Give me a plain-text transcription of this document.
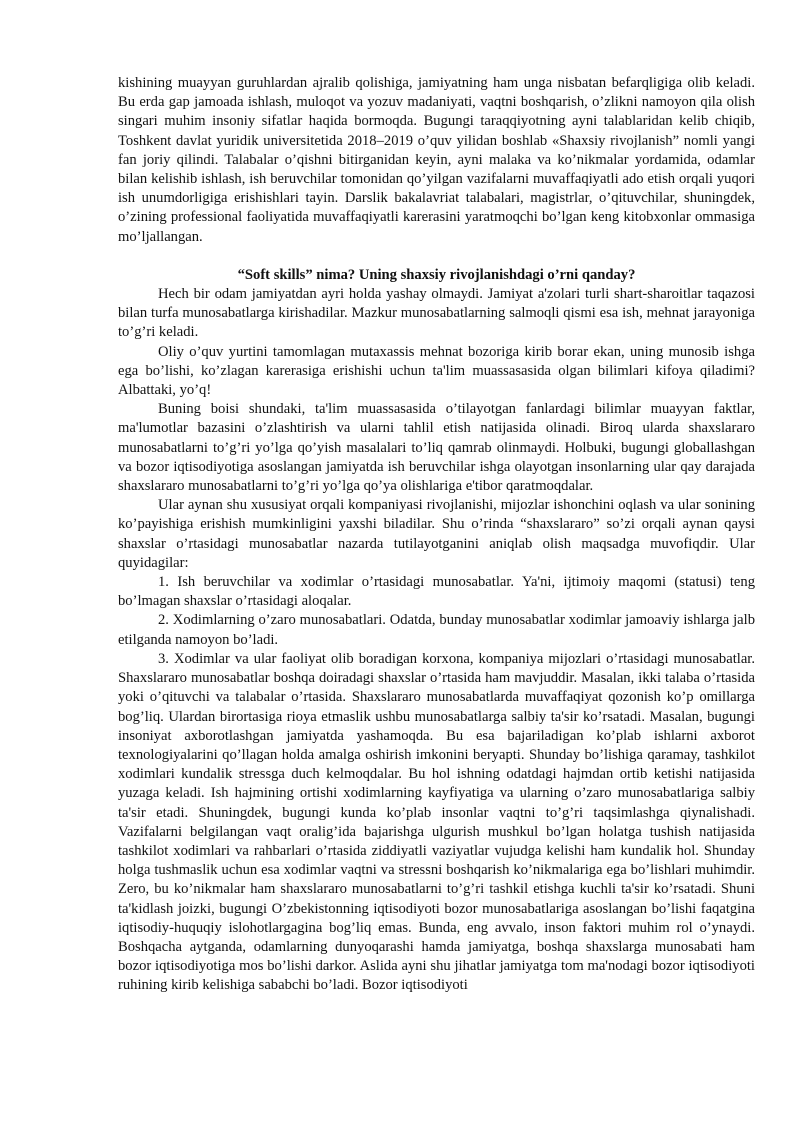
kishining muayyan guruhlardan ajralib qolishiga, jamiyatning ham unga nisbatan befarqligiga olib keladi. Bu erda gap jamoada ishlash, muloqot va yozuv madaniyati, vaqtni boshqarish, o’zlikni namoyon qila olish singari muhim insoniy sifatlar haqida bormoqda. Bugungi taraqqiyotning ayni talablaridan kelib chiqib, Toshkent davlat yuridik universitetida 2018–2019 o’quv yilidan boshlab «Shaxsiy rivojlanish” nomli yangi fan joriy qilindi. Talabalar o’qishni bitirganidan keyin, ayni malaka va ko’nikmalar yordamida, odamlar bilan kelishib ishlash, ish beruvchilar tomonidan qo’yilgan vazifalarni muvaffaqiyatli ado etish orqali yuqori ish unumdorligiga erishishlari tayin. Darslik bakalavriat talabalari, magistrlar, o’qituvchilar, shuningdek, o’zining professional faoliyatida muvaffaqiyatli karerasini yaratmoqchi bo’lgan keng kitobxonlar ommasiga mo’ljallangan.

“Soft skills” nima? Uning shaxsiy rivojlanishdagi o’rni qanday?

Hech bir odam jamiyatdan ayri holda yashay olmaydi. Jamiyat a'zolari turli shart-sharoitlar taqazosi bilan turfa munosabatlarga kirishadilar. Mazkur munosabatlarning salmoqli qismi esa ish, mehnat jarayoniga to’g’ri keladi.

Oliy o’quv yurtini tamomlagan mutaxassis mehnat bozoriga kirib borar ekan, uning munosib ishga ega bo’lishi, ko’zlagan karerasiga erishishi uchun ta'lim muassasasida olgan bilimlari kifoya qiladimi? Albattaki, yo’q!

Buning boisi shundaki, ta'lim muassasasida o’tilayotgan fanlardagi bilimlar muayyan faktlar, ma'lumotlar bazasini o’zlashtirish va ularni tahlil etish natijasida olinadi. Biroq ularda shaxslararo munosabatlarni to’g’ri yo’lga qo’yish masalalari to’liq qamrab olinmaydi. Holbuki, bugungi globallashgan va bozor iqtisodiyotiga asoslangan jamiyatda ish beruvchilar ishga olayotgan insonlarning ular qay darajada shaxslararo munosabatlarni to’g’ri yo’lga qo’ya olishlariga e'tibor qaratmoqdalar.

Ular aynan shu xususiyat orqali kompaniyasi rivojlanishi, mijozlar ishonchini oqlash va ular sonining ko’payishiga erishish mumkinligini yaxshi biladilar. Shu o’rinda “shaxslararo” so’zi orqali aynan qaysi shaxslar o’rtasidagi munosabatlar nazarda tutilayotganini aniqlab olish maqsadga muvofiqdir. Ular quyidagilar:

1. Ish beruvchilar va xodimlar o’rtasidagi munosabatlar. Ya'ni, ijtimoiy maqomi (statusi) teng bo’lmagan shaxslar o’rtasidagi aloqalar.

2. Xodimlarning o’zaro munosabatlari. Odatda, bunday munosabatlar xodimlar jamoaviy ishlarga jalb etilganda namoyon bo’ladi.

3. Xodimlar va ular faoliyat olib boradigan korxona, kompaniya mijozlari o’rtasidagi munosabatlar. Shaxslararo munosabatlar boshqa doiradagi shaxslar o’rtasida ham mavjuddir. Masalan, ikki talaba o’rtasida yoki o’qituvchi va talabalar o’rtasida. Shaxslararo munosabatlarda muvaffaqiyat qozonish ko’p omillarga bog’liq. Ulardan birortasiga rioya etmaslik ushbu munosabatlarga salbiy ta'sir ko’rsatadi. Masalan, bugungi insoniyat axborotlashgan jamiyatda yashamoqda. Bu esa bajariladigan ko’plab ishlarni axborot texnologiyalarini qo’llagan holda amalga oshirish imkonini beryapti. Shunday bo’lishiga qaramay, tashkilot xodimlari kundalik stressga duch kelmoqdalar. Bu hol ishning odatdagi hajmdan ortib ketishi natijasida yuzaga keladi. Ish hajmining ortishi xodimlarning kayfiyatiga va ularning o’zaro munosabatlariga salbiy ta'sir etadi. Shuningdek, bugungi kunda ko’plab insonlar vaqtni to’g’ri taqsimlashga qiynalishadi. Vazifalarni belgilangan vaqt oralig’ida bajarishga ulgurish mushkul bo’lgan holatga tushish natijasida tashkilot xodimlari va rahbarlari o’rtasida ziddiyatli vaziyatlar vujudga kelishi ham kundalik hol. Shunday holga tushmaslik uchun esa xodimlar vaqtni va stressni boshqarish ko’nikmalariga ega bo’lishlari muhimdir. Zero, bu ko’nikmalar ham shaxslararo munosabatlarni to’g’ri tashkil etishga kuchli ta'sir ko’rsatadi. Shuni ta'kidlash joizki, bugungi O’zbekistonning iqtisodiyoti bozor munosabatlariga asoslangan bo’lishi faqatgina iqtisodiy-huquqiy islohotlargagina bog’liq emas. Bunda, eng avvalo, inson faktori muhim rol o’ynaydi. Boshqacha aytganda, odamlarning dunyoqarashi hamda jamiyatga, boshqa shaxslarga munosabati ham bozor iqtisodiyotiga mos bo’lishi darkor. Aslida ayni shu jihatlar jamiyatga tom ma'nodagi bozor iqtisodiyoti ruhining kirib kelishiga sababchi bo’ladi. Bozor iqtisodiyoti
